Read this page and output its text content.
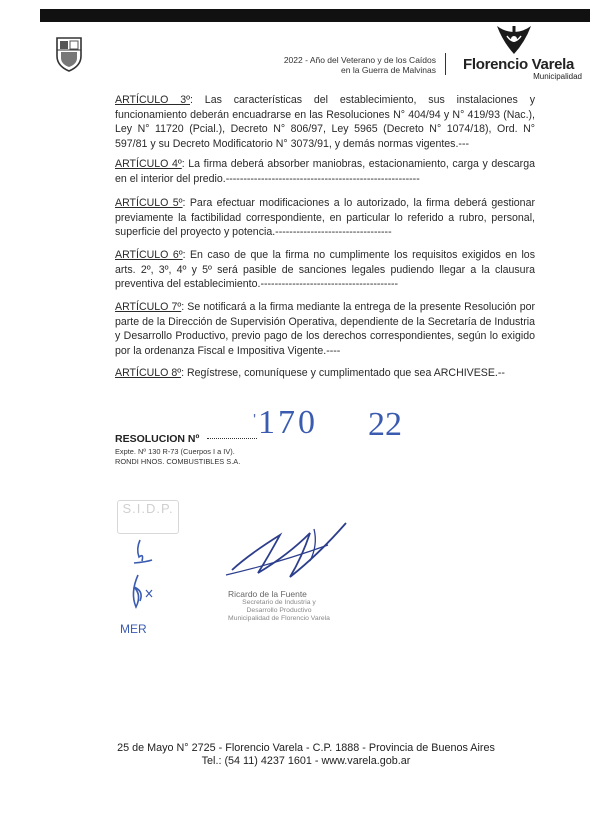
2022 - Año del Veterano y de los Caídos
en la Guerra de Malvinas Florencio Varela
Municipalidad
ARTÍCULO 3º: Las características del establecimiento, sus instalaciones y funcionamiento deberán encuadrarse en las Resoluciones N° 404/94 y N° 419/93 (Nac.), Ley N° 11720 (Pcial.), Decreto N° 806/97, Ley 5965 (Decreto N° 1074/18), Ord. N° 597/81 y su Decreto Modificatorio N° 3073/91, y demás normas vigentes.---
ARTÍCULO 4º: La firma deberá absorber maniobras, estacionamiento, carga y descarga en el interior del predio.-------------------------------------------------------
ARTÍCULO 5º: Para efectuar modificaciones a lo autorizado, la firma deberá gestionar previamente la factibilidad correspondiente, en particular lo referido a rubro, personal, superficie del proyecto y potencia.---------------------------------
ARTÍCULO 6º: En caso de que la firma no cumplimente los requisitos exigidos en los arts. 2º, 3º, 4º y 5º será pasible de sanciones legales pudiendo llegar a la clausura preventiva del establecimiento.---------------------------------------
ARTÍCULO 7º: Se notificará a la firma mediante la entrega de la presente Resolución por parte de la Dirección de Supervisión Operativa, dependiente de la Secretaría de Industria y Desarrollo Productivo, previo pago de los derechos correspondientes, según lo exigido por la ordenanza Fiscal e Impositiva Vigente.----
ARTÍCULO 8º: Regístrese, comuníquese y cumplimentado que sea ARCHIVESE.--
RESOLUCION Nº
' 170 22
Expte. Nº 130 R-73 (Cuerpos I a IV).
RONDI HNOS. COMBUSTIBLES S.A.
S.I.D.P.
MER
Ricardo de la Fuente
Secretario de Industria y
Desarrollo Productivo
Municipalidad de Florencio Varela
25 de Mayo N° 2725 - Florencio Varela - C.P. 1888 - Provincia de Buenos Aires
Tel.: (54 11) 4237 1601 - www.varela.gob.ar
